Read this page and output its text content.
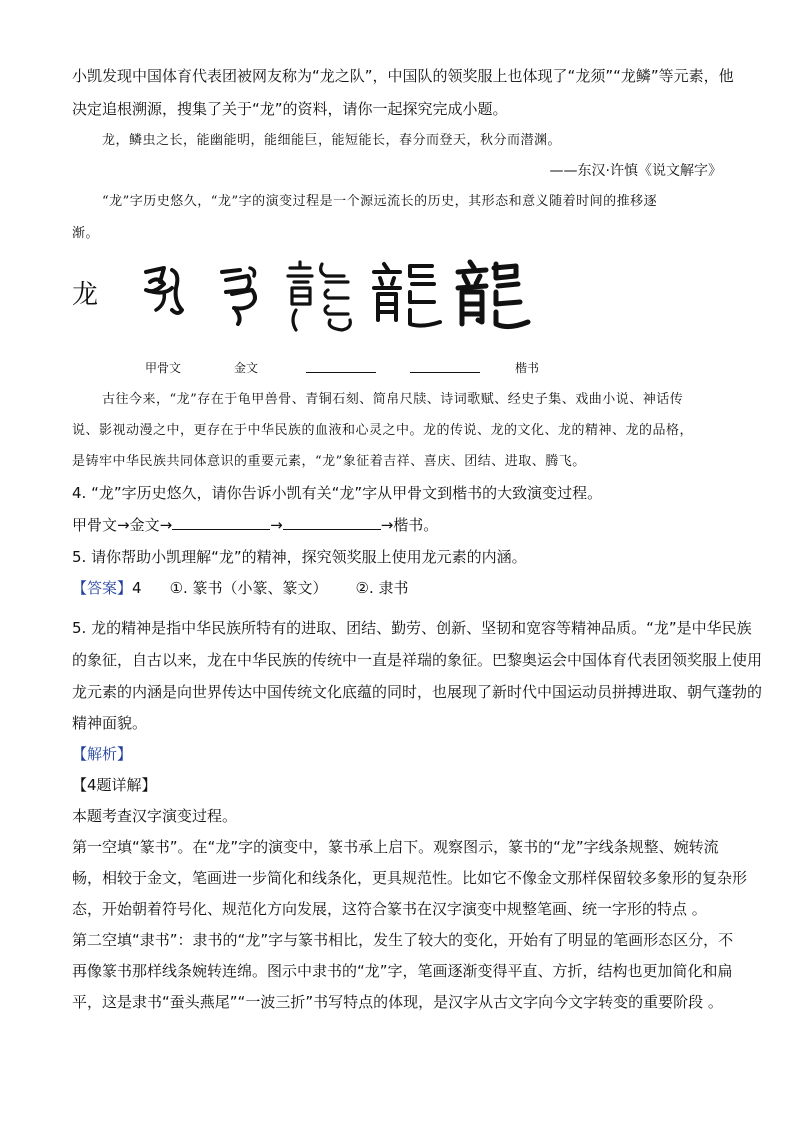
小凯发现中国体育代表团被网友称为“龙之队”，中国队的领奖服上也体现了“龙须”“龙鳞”等元素，他
决定追根溯源，搜集了关于“龙”的资料，请你一起探究完成小题。
龙，鳞虫之长，能幽能明，能细能巨，能短能长，春分而登天，秋分而潜渊。
——东汉·许慎《说文解字》
“龙”字历史悠久，“龙”字的演变过程是一个源远流长的历史，其形态和意义随着时间的推移逐
渐。
龙
甲骨文	金文	楷书
古往今来，“龙”存在于龟甲兽骨、青铜石刻、简帛尺牍、诗词歌赋、经史子集、戏曲小说、神话传
说、影视动漫之中，更存在于中华民族的血液和心灵之中。龙的传说、龙的文化、龙的精神、龙的品格，
是铸牢中华民族共同体意识的重要元素，“龙”象征着吉祥、喜庆、团结、进取、腾飞。
4. “龙”字历史悠久，请你告诉小凯有关“龙”字从甲骨文到楷书的大致演变过程。
甲骨文→金文→	→	→楷书。
5. 请你帮助小凯理解“龙”的精神，探究领奖服上使用龙元素的内涵。
【答案】4 ①. 篆书（小篆、篆文） ②. 隶书
5. 龙的精神是指中华民族所特有的进取、团结、勤劳、创新、坚韧和宽容等精神品质。“龙”是中华民族
的象征，自古以来，龙在中华民族的传统中一直是祥瑞的象征。巴黎奥运会中国体育代表团领奖服上使用
龙元素的内涵是向世界传达中国传统文化底蕴的同时，也展现了新时代中国运动员拼搏进取、朝气蓬勃的
精神面貌。
【解析】
【4题详解】
本题考查汉字演变过程。
第一空填“篆书”。在“龙”字的演变中，篆书承上启下。观察图示，篆书的“龙”字线条规整、婉转流
畅，相较于金文，笔画进一步简化和线条化，更具规范性。比如它不像金文那样保留较多象形的复杂形
态，开始朝着符号化、规范化方向发展，这符合篆书在汉字演变中规整笔画、统一字形的特点 。
第二空填“隶书”：隶书的“龙”字与篆书相比，发生了较大的变化，开始有了明显的笔画形态区分，不
再像篆书那样线条婉转连绵。图示中隶书的“龙”字，笔画逐渐变得平直、方折，结构也更加简化和扁
平，这是隶书“蚕头燕尾”“一波三折”书写特点的体现，是汉字从古文字向今文字转变的重要阶段 。
